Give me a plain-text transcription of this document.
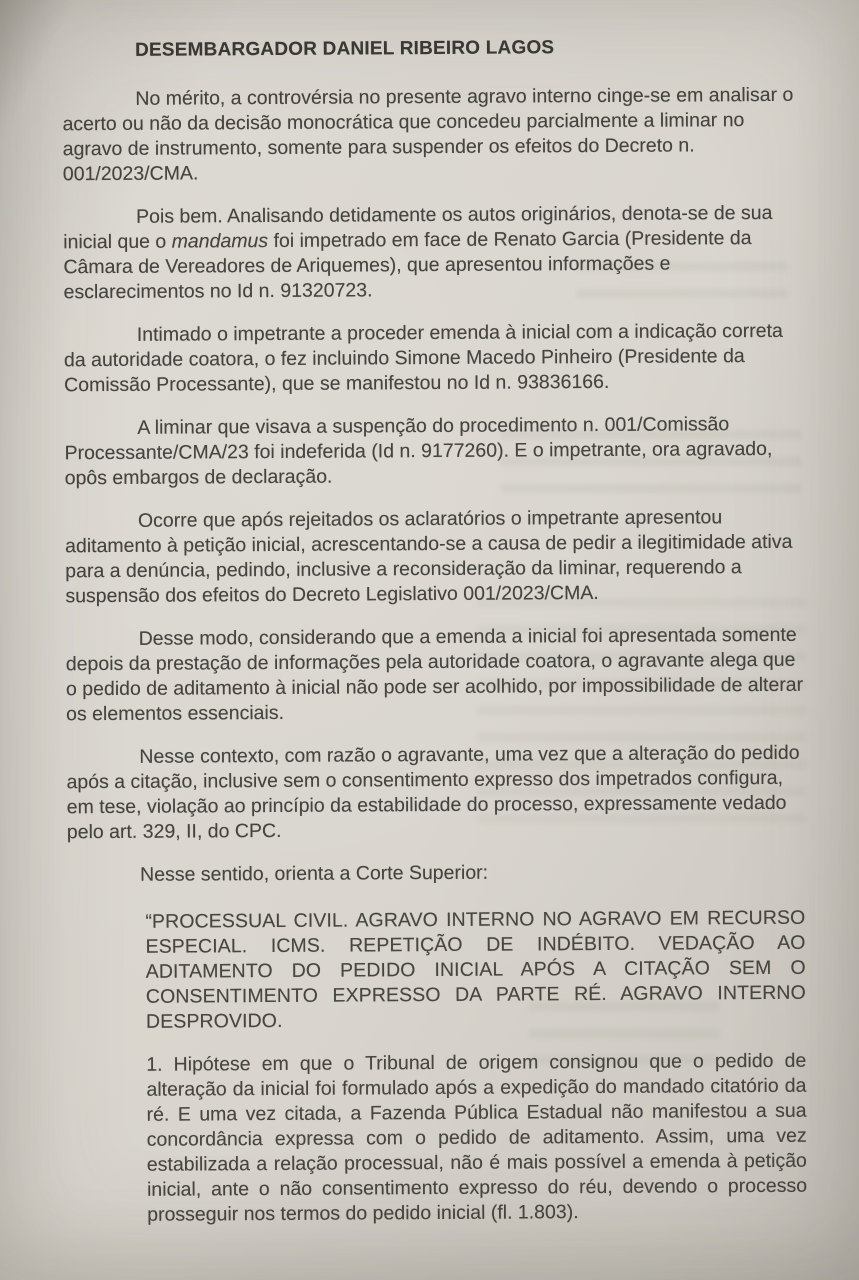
DESEMBARGADOR DANIEL RIBEIRO LAGOS

No mérito, a controvérsia no presente agravo interno cinge-se em analisar o acerto ou não da decisão monocrática que concedeu parcialmente a liminar no agravo de instrumento, somente para suspender os efeitos do Decreto n. 001/2023/CMA.

Pois bem. Analisando detidamente os autos originários, denota-se de sua inicial que o mandamus foi impetrado em face de Renato Garcia (Presidente da Câmara de Vereadores de Ariquemes), que apresentou informações e esclarecimentos no Id n. 91320723.

Intimado o impetrante a proceder emenda à inicial com a indicação correta da autoridade coatora, o fez incluindo Simone Macedo Pinheiro (Presidente da Comissão Processante), que se manifestou no Id n. 93836166.

A liminar que visava a suspenção do procedimento n. 001/Comissão Processante/CMA/23 foi indeferida (Id n. 9177260). E o impetrante, ora agravado, opôs embargos de declaração.

Ocorre que após rejeitados os aclaratórios o impetrante apresentou aditamento à petição inicial, acrescentando-se a causa de pedir a ilegitimidade ativa para a denúncia, pedindo, inclusive a reconsideração da liminar, requerendo a suspensão dos efeitos do Decreto Legislativo 001/2023/CMA.

Desse modo, considerando que a emenda a inicial foi apresentada somente depois da prestação de informações pela autoridade coatora, o agravante alega que o pedido de aditamento à inicial não pode ser acolhido, por impossibilidade de alterar os elementos essenciais.

Nesse contexto, com razão o agravante, uma vez que a alteração do pedido após a citação, inclusive sem o consentimento expresso dos impetrados configura, em tese, violação ao princípio da estabilidade do processo, expressamente vedado pelo art. 329, II, do CPC.

Nesse sentido, orienta a Corte Superior:

“PROCESSUAL CIVIL. AGRAVO INTERNO NO AGRAVO EM RECURSO ESPECIAL. ICMS. REPETIÇÃO DE INDÉBITO. VEDAÇÃO AO ADITAMENTO DO PEDIDO INICIAL APÓS A CITAÇÃO SEM O CONSENTIMENTO EXPRESSO DA PARTE RÉ. AGRAVO INTERNO DESPROVIDO.

1. Hipótese em que o Tribunal de origem consignou que o pedido de alteração da inicial foi formulado após a expedição do mandado citatório da ré. E uma vez citada, a Fazenda Pública Estadual não manifestou a sua concordância expressa com o pedido de aditamento. Assim, uma vez estabilizada a relação processual, não é mais possível a emenda à petição inicial, ante o não consentimento expresso do réu, devendo o processo prosseguir nos termos do pedido inicial (fl. 1.803).
